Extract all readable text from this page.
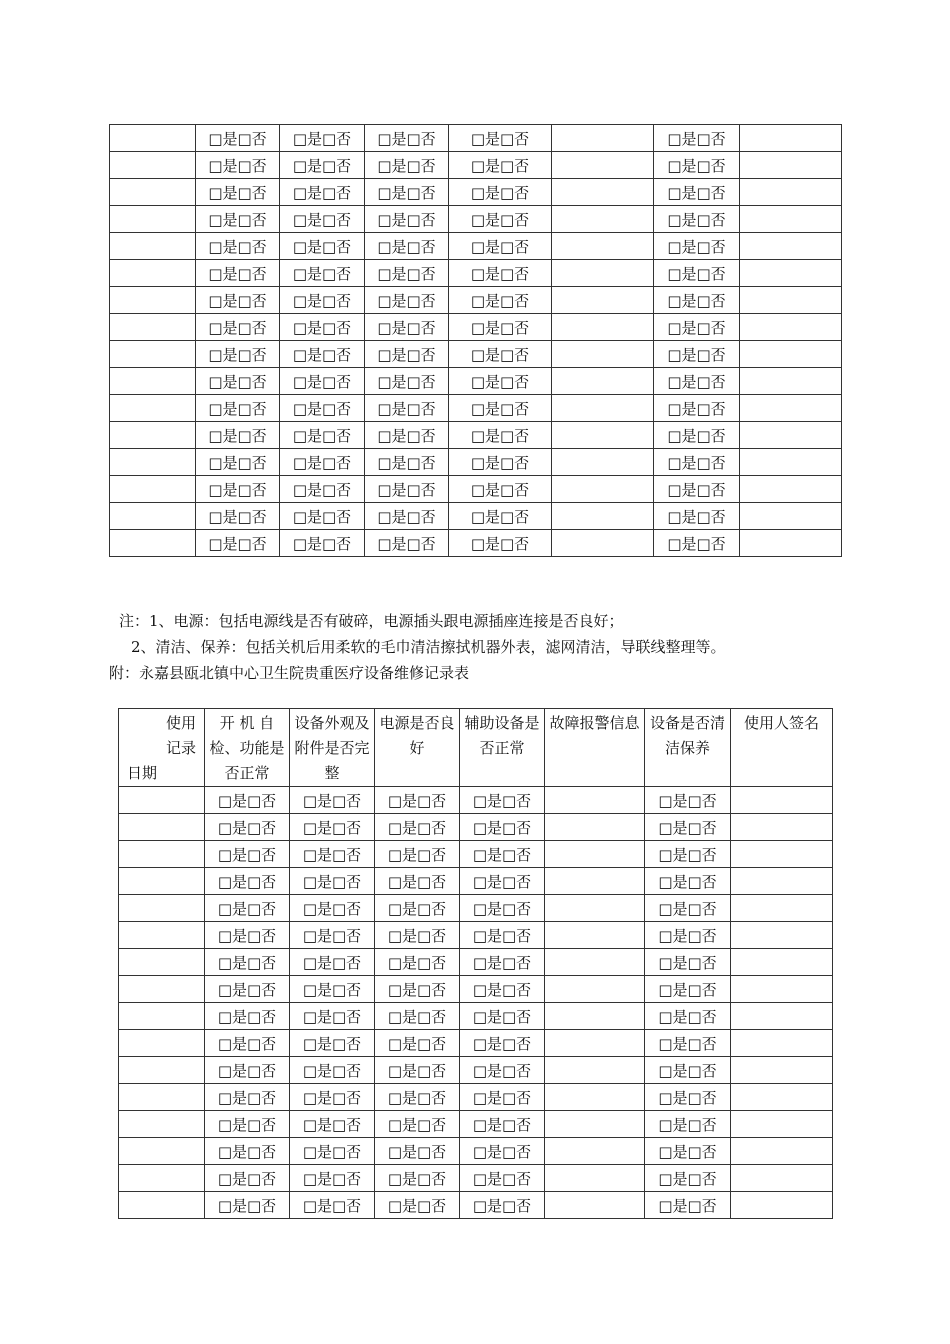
	□是□否	□是□否	□是□否	□是□否		□是□否	
	□是□否	□是□否	□是□否	□是□否		□是□否	
	□是□否	□是□否	□是□否	□是□否		□是□否	
	□是□否	□是□否	□是□否	□是□否		□是□否	
	□是□否	□是□否	□是□否	□是□否		□是□否	
	□是□否	□是□否	□是□否	□是□否		□是□否	
	□是□否	□是□否	□是□否	□是□否		□是□否	
	□是□否	□是□否	□是□否	□是□否		□是□否	
	□是□否	□是□否	□是□否	□是□否		□是□否	
	□是□否	□是□否	□是□否	□是□否		□是□否	
	□是□否	□是□否	□是□否	□是□否		□是□否	
	□是□否	□是□否	□是□否	□是□否		□是□否	
	□是□否	□是□否	□是□否	□是□否		□是□否	
	□是□否	□是□否	□是□否	□是□否		□是□否	
	□是□否	□是□否	□是□否	□是□否		□是□否	
	□是□否	□是□否	□是□否	□是□否		□是□否	
注：1、电源：包括电源线是否有破碎，电源插头跟电源插座连接是否良好；
2、清洁、保养：包括关机后用柔软的毛巾清洁擦拭机器外表，滤网清洁，导联线整理等。
附：永嘉县瓯北镇中心卫生院贵重医疗设备维修记录表
使用
记录

日期	开 机 自检、功能是否正常	设备外观及附件是否完整	电源是否良好	辅助设备是否正常	故障报警信息	设备是否清洁保养	使用人签名
	□是□否	□是□否	□是□否	□是□否		□是□否	
	□是□否	□是□否	□是□否	□是□否		□是□否	
	□是□否	□是□否	□是□否	□是□否		□是□否	
	□是□否	□是□否	□是□否	□是□否		□是□否	
	□是□否	□是□否	□是□否	□是□否		□是□否	
	□是□否	□是□否	□是□否	□是□否		□是□否	
	□是□否	□是□否	□是□否	□是□否		□是□否	
	□是□否	□是□否	□是□否	□是□否		□是□否	
	□是□否	□是□否	□是□否	□是□否		□是□否	
	□是□否	□是□否	□是□否	□是□否		□是□否	
	□是□否	□是□否	□是□否	□是□否		□是□否	
	□是□否	□是□否	□是□否	□是□否		□是□否	
	□是□否	□是□否	□是□否	□是□否		□是□否	
	□是□否	□是□否	□是□否	□是□否		□是□否	
	□是□否	□是□否	□是□否	□是□否		□是□否	
	□是□否	□是□否	□是□否	□是□否		□是□否	
